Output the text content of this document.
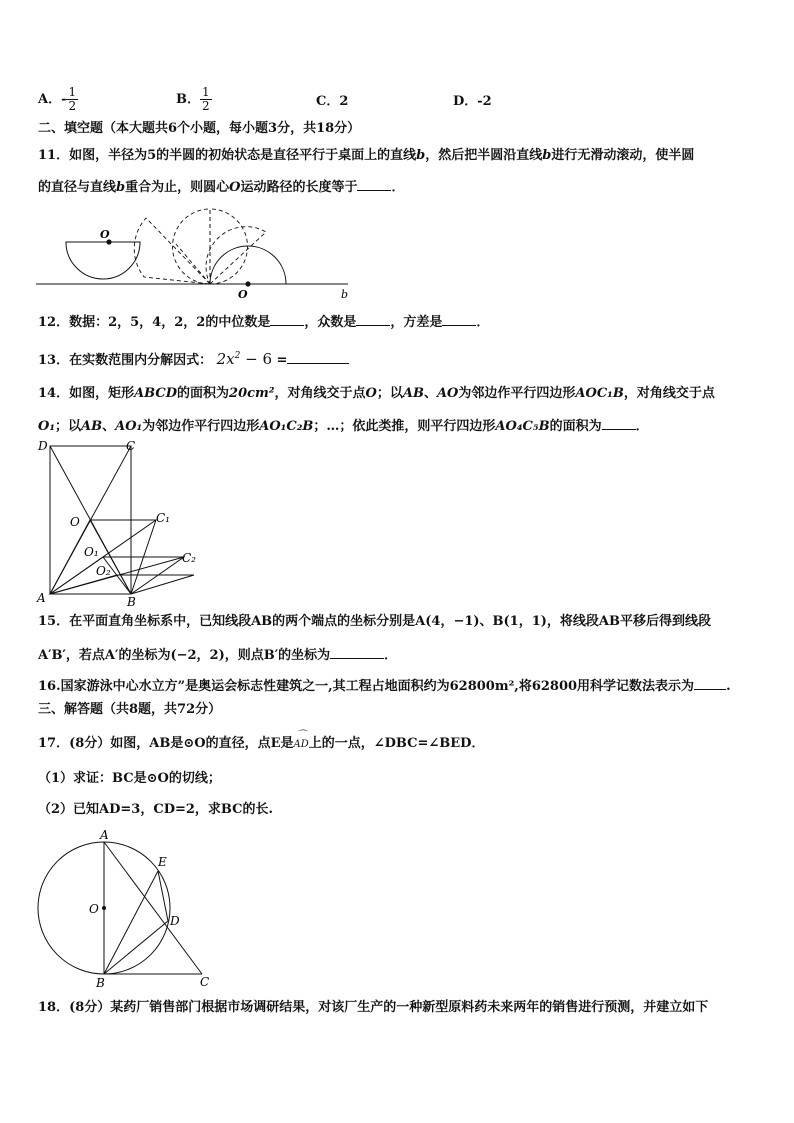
A．- $\frac{1}{2}$	B． $\frac{1}{2}$	C．2	D．-2
二、填空题（本大题共6个小题，每小题3分，共18分）
11．如图，半径为5的半圆的初始状态是直径平行于桌面上的直线b，然后把半圆沿直线b进行无滑动滚动，使半圆
的直径与直线b重合为止，则圆心O运动路径的长度等于	．
O
O	b
12．数据：2，5，4，2，2的中位数是	，众数是	，方差是	．
13．在实数范围内分解因式： $2x^2 - 6$ =
14．如图，矩形ABCD的面积为20cm²，对角线交于点O；以AB、AO为邻边作平行四边形AOC₁B，对角线交于点
O₁；以AB、AO₁为邻边作平行四边形AO₁C₂B；…；依此类推，则平行四边形AO₄C₅B的面积为	．
D	C
O	C₁
O₁
O₂
C₂
A	B
15．在平面直角坐标系中，已知线段AB的两个端点的坐标分别是A(4，−1)、B(1，1)，将线段AB平移后得到线段
A′B′，若点A′的坐标为(−2，2)，则点B′的坐标为	．
16.国家游泳中心水立方”是奥运会标志性建筑之一,其工程占地面积约为62800m²,将62800用科学记数法表示为 .
三、解答题（共8题，共72分）
17．(8分）如图，AB是⊙O的直径，点E是
⌒
AD上的一点，∠DBC=∠BED．
（1）求证：BC是⊙O的切线；
（2）已知AD=3，CD=2，求BC的长.
A
E
O
D
B	C
18．(8分）某药厂销售部门根据市场调研结果，对该厂生产的一种新型原料药未来两年的销售进行预测，并建立如下
